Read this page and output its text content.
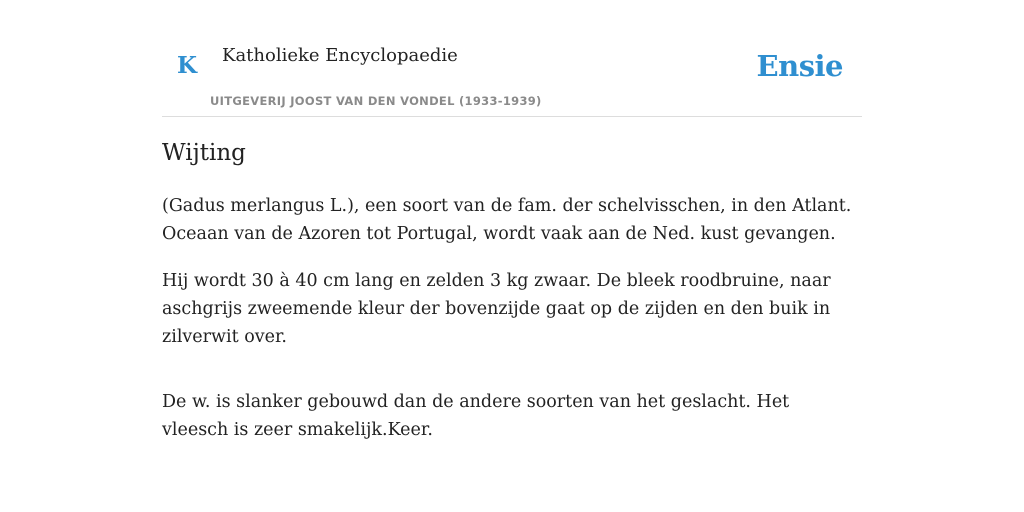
K Katholieke Encyclopaedie
UITGEVERIJ JOOST VAN DEN VONDEL (1933-1939)
Ensie
Wijting

(Gadus merlangus L.), een soort van de fam. der schelvisschen, in den Atlant. Oceaan van de Azoren tot Portugal, wordt vaak aan de Ned. kust gevangen.

Hij wordt 30 à 40 cm lang en zelden 3 kg zwaar. De bleek roodbruine, naar aschgrijs zweemende kleur der bovenzijde gaat op de zijden en den buik in zilverwit over.

De w. is slanker gebouwd dan de andere soorten van het geslacht. Het vleesch is zeer smakelijk.Keer.
